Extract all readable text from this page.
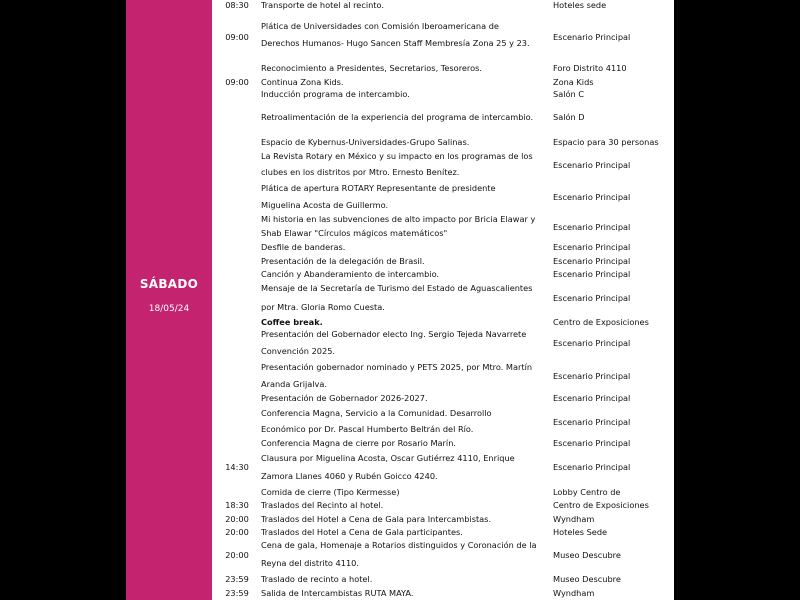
SÁBADO
18/05/24
08:30
09:00
09:00
14:30
18:30
20:00
20:00
20:00
23:59
23:59
Transporte de hotel al recinto.
Plática de Universidades con Comisión Iberoamericana de
Derechos Humanos- Hugo Sancen Staff Membresía Zona 25 y 23.
Reconocimiento a Presidentes, Secretarios, Tesoreros.
Continua Zona Kids.
Inducción programa de intercambio.
Retroalimentación de la experiencia del programa de intercambio.
Espacio de Kybernus-Universidades-Grupo Salinas.
La Revista Rotary en México y su impacto en los programas de los
clubes en los distritos por Mtro. Ernesto Benítez.
Plática de apertura ROTARY Representante de presidente
Miguelina Acosta de Guillermo.
Mi historia en las subvenciones de alto impacto por Bricia Elawar y
Shab Elawar "Círculos mágicos matemáticos"
Desfile de banderas.
Presentación de la delegación de Brasil.
Canción y Abanderamiento de intercambio.
Mensaje de la Secretaría de Turismo del Estado de Aguascalientes
por Mtra. Gloria Romo Cuesta.
Coffee break.
Presentación del Gobernador electo Ing. Sergio Tejeda Navarrete
Convención 2025.
Presentación gobernador nominado y PETS 2025, por Mtro. Martín
Aranda Grijalva.
Presentación de Gobernador 2026-2027.
Conferencia Magna, Servicio a la Comunidad. Desarrollo
Económico por Dr. Pascal Humberto Beltrán del Río.
Conferencia Magna de cierre por Rosario Marín.
Clausura por Miguelina Acosta, Oscar Gutiérrez 4110, Enrique
Zamora Llanes 4060 y Rubén Goicco 4240.
Comida de cierre (Tipo Kermesse)
Traslados del Recinto al hotel.
Traslados del Hotel a Cena de Gala para Intercambistas.
Traslados del Hotel a Cena de Gala participantes.
Cena de gala, Homenaje a Rotarios distinguidos y Coronación de la
Reyna del distrito 4110.
Traslado de recinto a hotel.
Salida de Intercambistas RUTA MAYA.
Hoteles sede
Escenario Principal
Foro Distrito 4110
Zona Kids
Salón C
Salón D
Espacio para 30 personas
Escenario Principal
Escenario Principal
Escenario Principal
Escenario Principal
Escenario Principal
Escenario Principal
Escenario Principal
Centro de Exposiciones
Escenario Principal
Escenario Principal
Escenario Principal
Escenario Principal
Escenario Principal
Escenario Principal
Lobby Centro de
Centro de Exposiciones
Wyndham
Hoteles Sede
Museo Descubre
Museo Descubre
Wyndham
